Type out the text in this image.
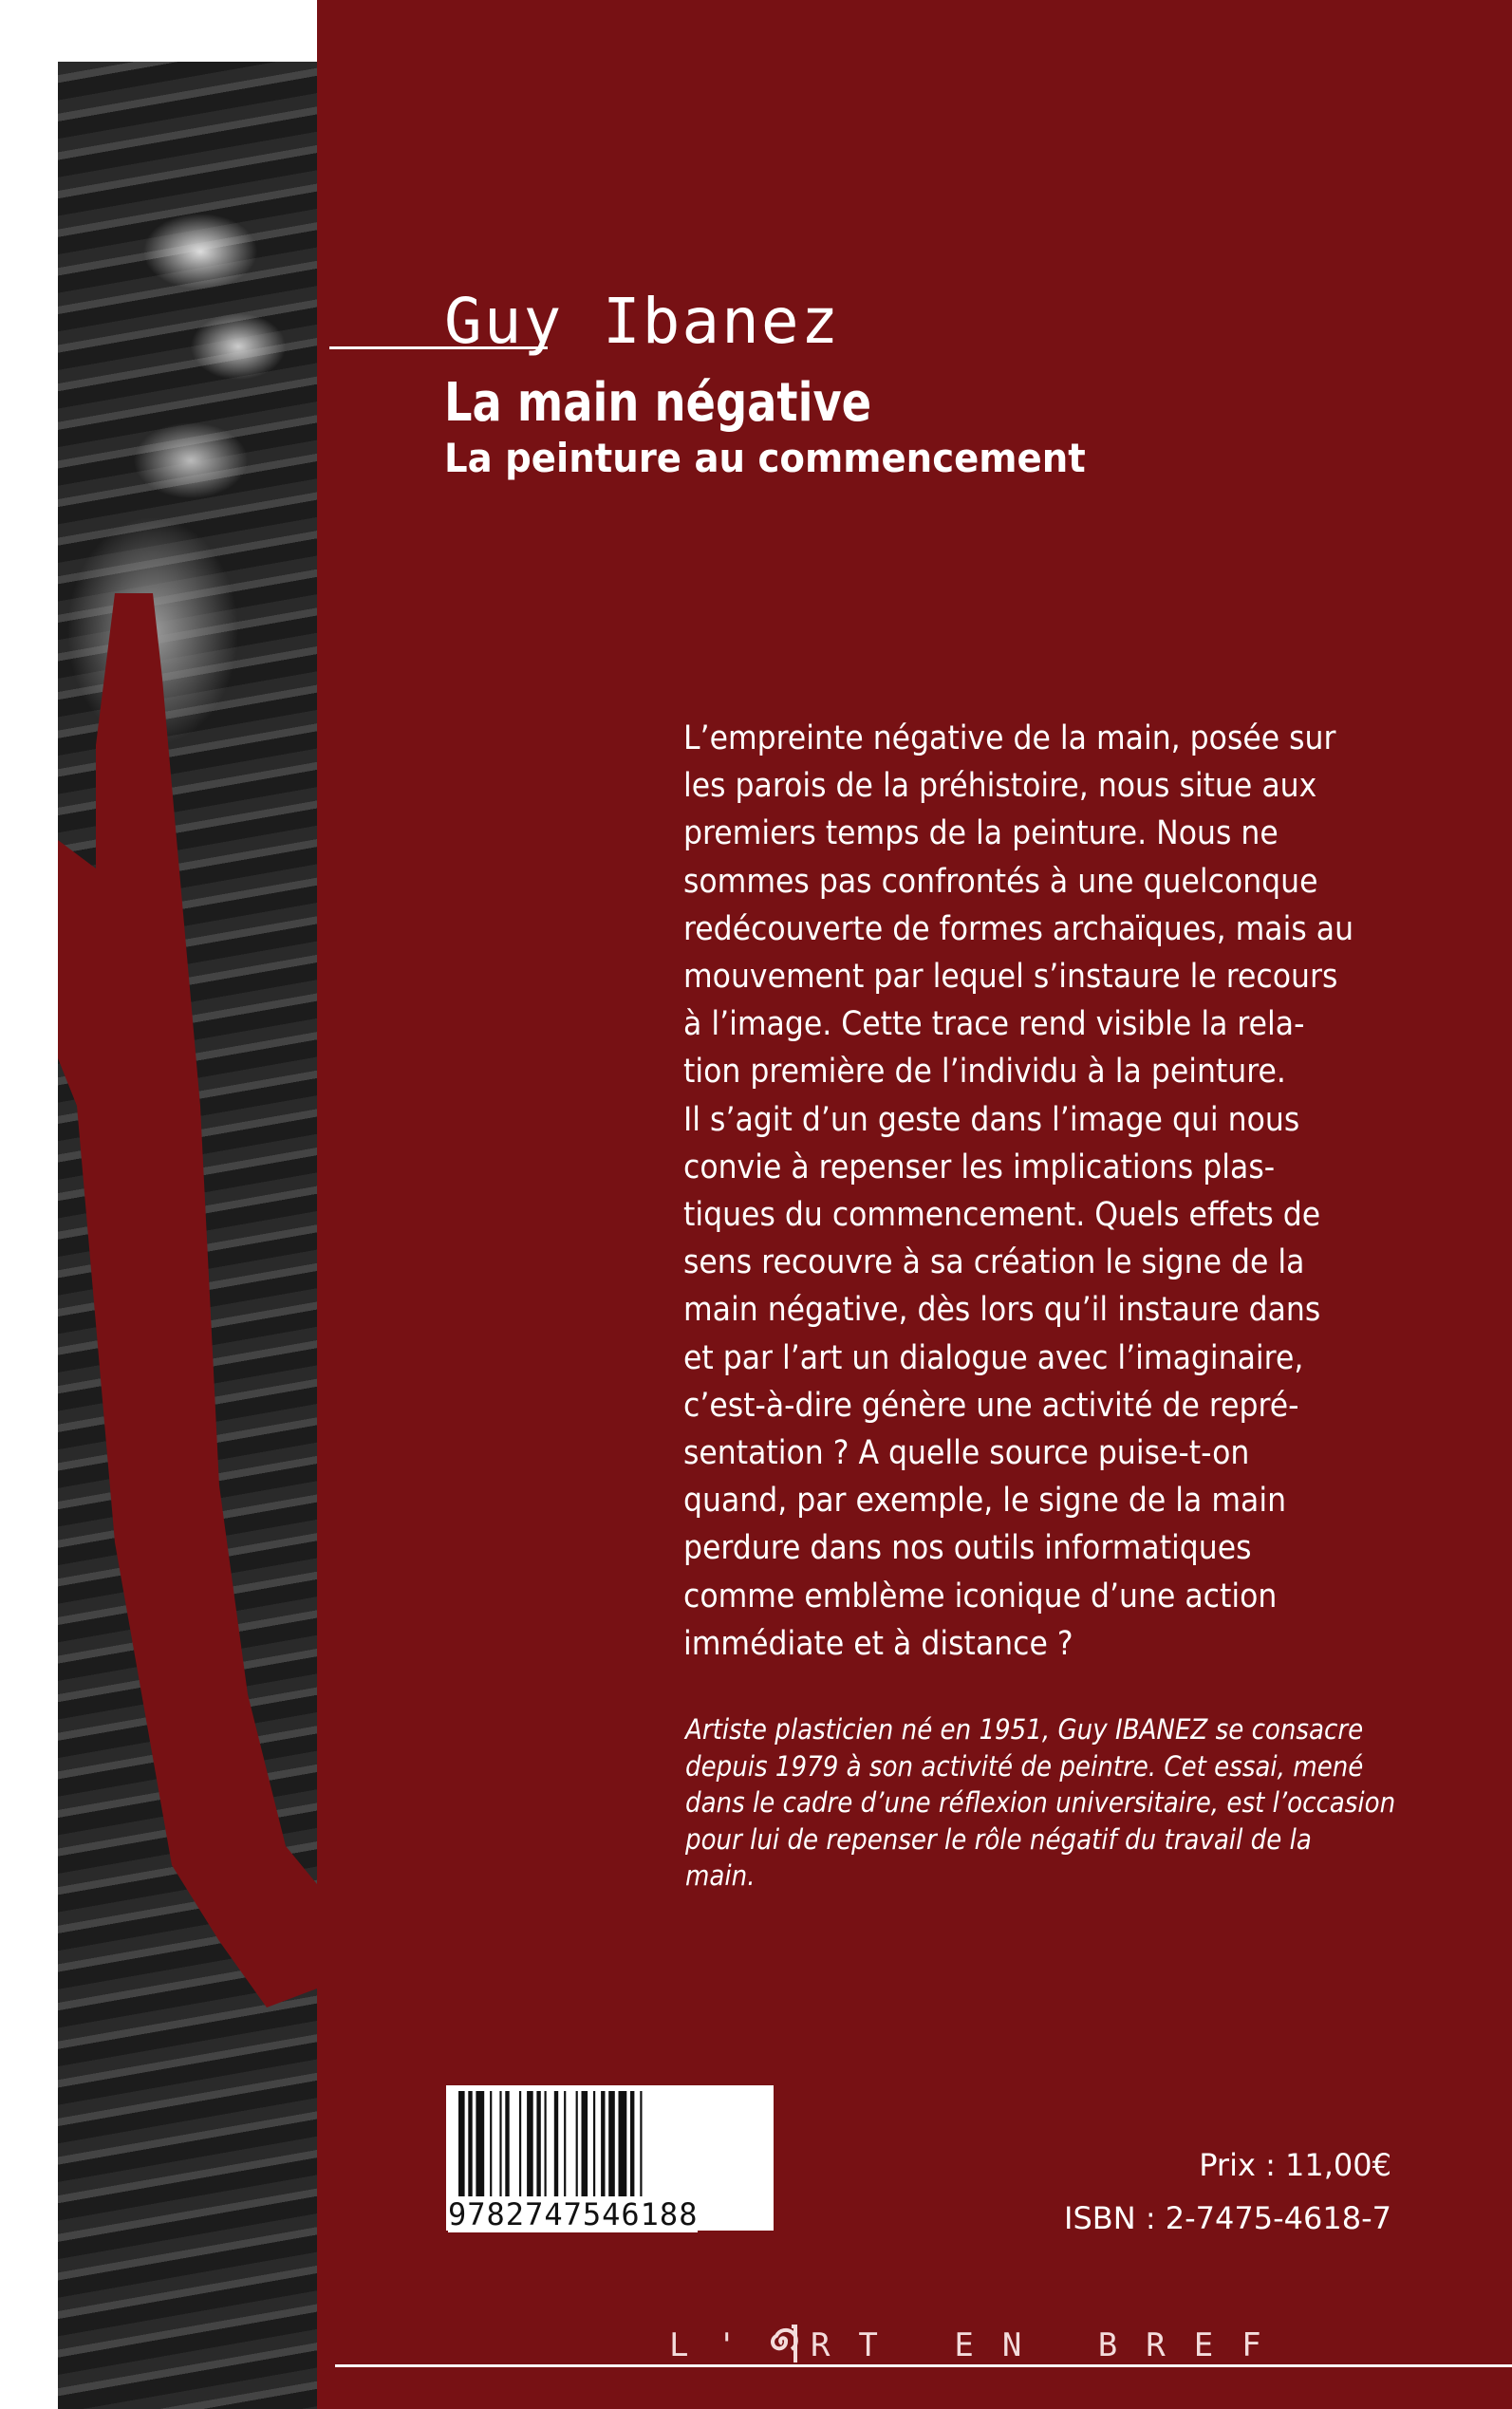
Guy Ibanez
La main négative
La peinture au commencement
L’empreinte négative de la main, posée sur
les parois de la préhistoire, nous situe aux
premiers temps de la peinture. Nous ne
sommes pas confrontés à une quelconque
redécouverte de formes archaïques, mais au
mouvement par lequel s’instaure le recours
à l’image. Cette trace rend visible la rela-
tion première de l’individu à la peinture.
Il s’agit d’un geste dans l’image qui nous
convie à repenser les implications plas-
tiques du commencement. Quels effets de
sens recouvre à sa création le signe de la
main négative, dès lors qu’il instaure dans
et par l’art un dialogue avec l’imaginaire,
c’est-à-dire génère une activité de repré-
sentation ? A quelle source puise-t-on
quand, par exemple, le signe de la main
perdure dans nos outils informatiques
comme emblème iconique d’une action
immédiate et à distance ?
Artiste plasticien né en 1951, Guy IBANEZ se consacre
depuis 1979 à son activité de peintre. Cet essai, mené
dans le cadre d’une réflexion universitaire, est l’occasion
pour lui de repenser le rôle négatif du travail de la
main.
9782747546188
Prix : 11,00€
ISBN : 2-7475-4618-7
L' RT EN BREF
